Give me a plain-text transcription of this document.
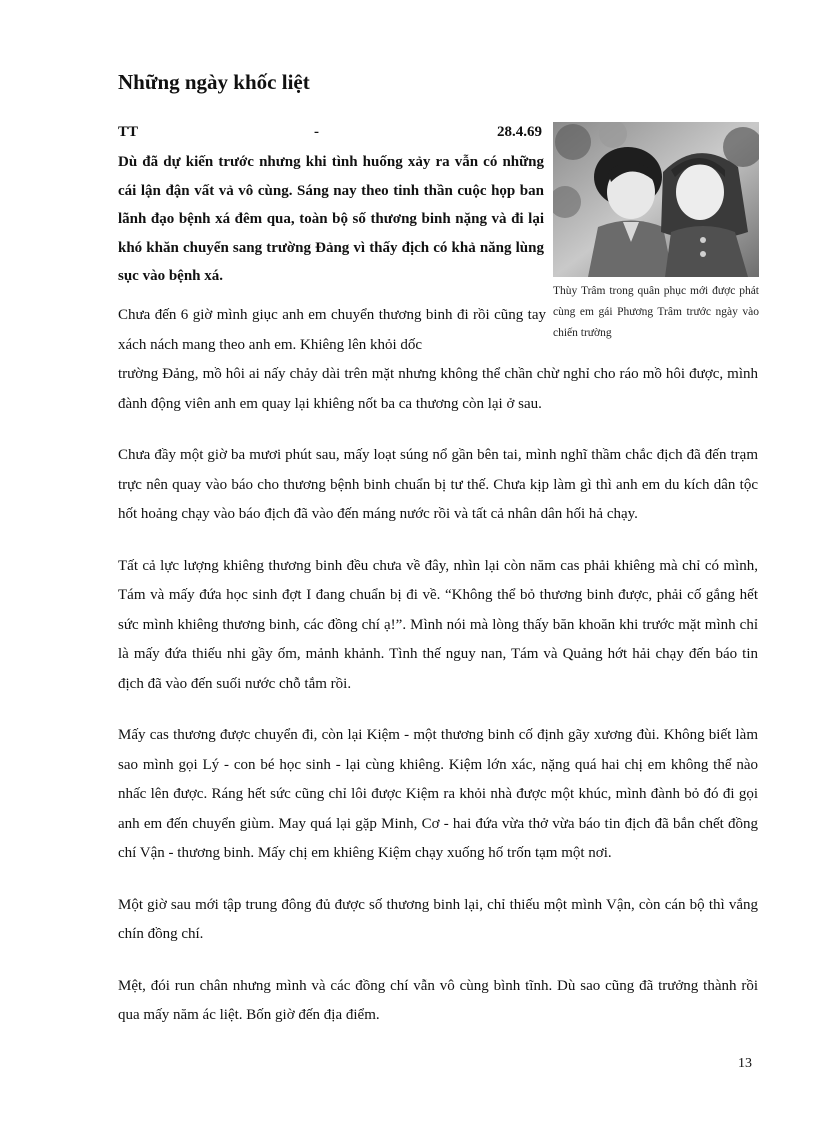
Những ngày khốc liệt
TT	-	28.4.69

Dù đã dự kiến trước nhưng khi tình huống xảy ra vẫn có những cái lận đận vất vả vô cùng. Sáng nay theo tinh thần cuộc họp ban lãnh đạo bệnh xá đêm qua, toàn bộ số thương binh nặng và đi lại khó khăn chuyển sang trường Đảng vì thấy địch có khả năng lùng sục vào bệnh xá.

Thùy Trâm trong quân phục mới được phát cùng em gái Phương Trâm trước ngày vào chiến trường

Chưa đến 6 giờ mình giục anh em chuyển thương binh đi rồi cũng tay xách nách mang theo anh em. Khiêng lên khỏi dốc

trường Đảng, mồ hôi ai nấy chảy dài trên mặt nhưng không thể chần chừ nghỉ cho ráo mồ hôi được, mình đành động viên anh em quay lại khiêng nốt ba ca thương còn lại ở sau.

Chưa đầy một giờ ba mươi phút sau, mấy loạt súng nổ gần bên tai, mình nghĩ thầm chắc địch đã đến trạm trực nên quay vào báo cho thương bệnh binh chuẩn bị tư thế. Chưa kịp làm gì thì anh em du kích dân tộc hốt hoảng chạy vào báo địch đã vào đến máng nước rồi và tất cả nhân dân hối hả chạy.

Tất cả lực lượng khiêng thương binh đều chưa về đây, nhìn lại còn năm cas phải khiêng mà chỉ có mình, Tám và mấy đứa học sinh đợt I đang chuẩn bị đi về. “Không thể bỏ thương binh được, phải cố gắng hết sức mình khiêng thương binh, các đồng chí ạ!”. Mình nói mà lòng thấy băn khoăn khi trước mặt mình chỉ là mấy đứa thiếu nhi gầy ốm, mảnh khảnh. Tình thế nguy nan, Tám và Quảng hớt hải chạy đến báo tin địch đã vào đến suối nước chỗ tắm rồi.

Mấy cas thương được chuyển đi, còn lại Kiệm - một thương binh cố định gãy xương đùi. Không biết làm sao mình gọi Lý - con bé học sinh - lại cùng khiêng. Kiệm lớn xác, nặng quá hai chị em không thể nào nhấc lên được. Ráng hết sức cũng chỉ lôi được Kiệm ra khỏi nhà được một khúc, mình đành bỏ đó đi gọi anh em đến chuyển giùm. May quá lại gặp Minh, Cơ - hai đứa vừa thở vừa báo tin địch đã bắn chết đồng chí Vận - thương binh. Mấy chị em khiêng Kiệm chạy xuống hố trốn tạm một nơi.

Một giờ sau mới tập trung đông đủ được số thương binh lại, chỉ thiếu một mình Vận, còn cán bộ thì vắng chín đồng chí.

Mệt, đói run chân nhưng mình và các đồng chí vẫn vô cùng bình tĩnh. Dù sao cũng đã trưởng thành rồi qua mấy năm ác liệt. Bốn giờ đến địa điểm.

13
